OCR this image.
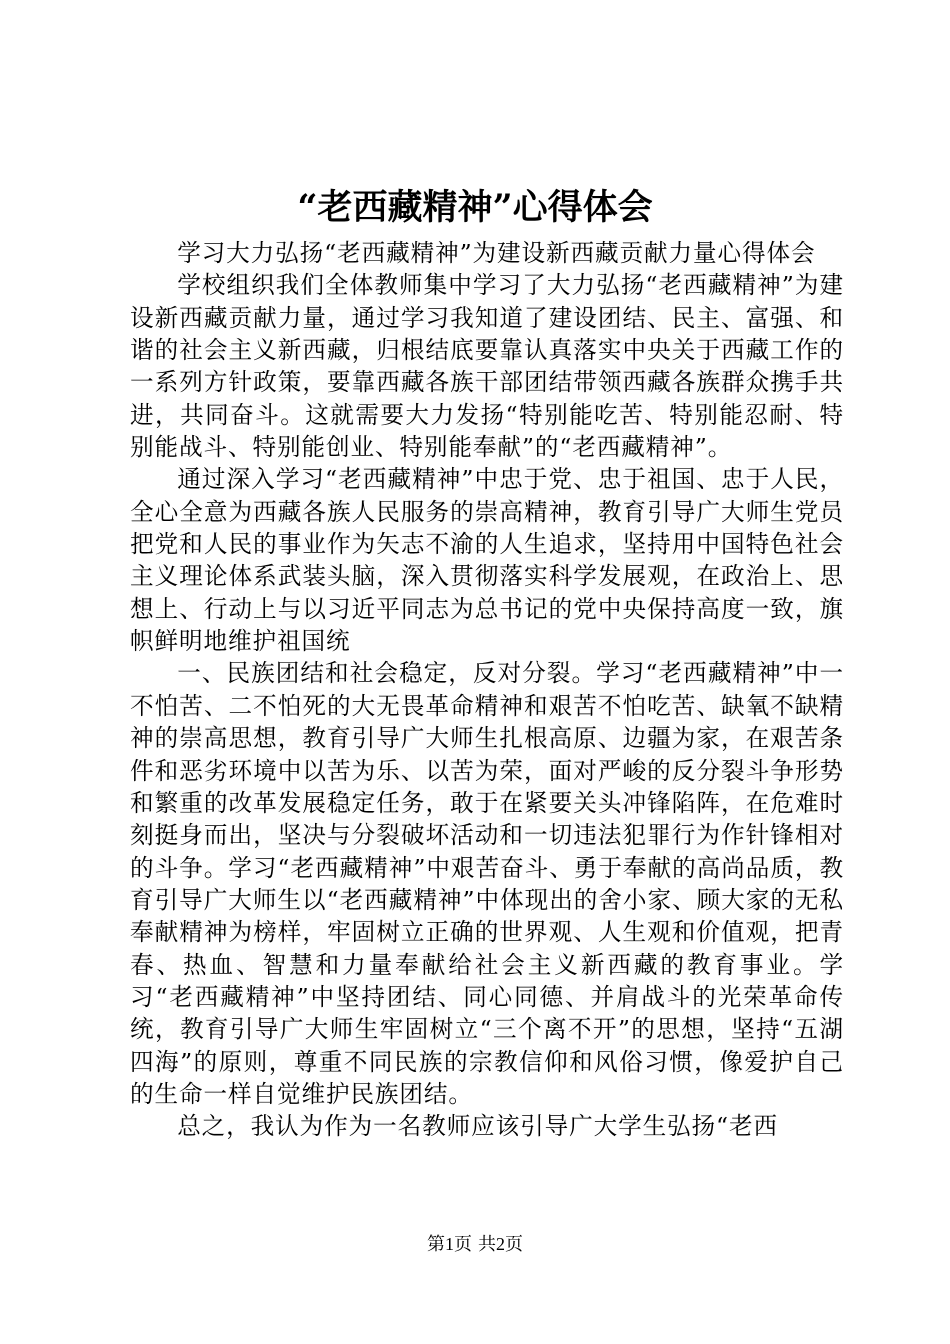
“老西藏精神”心得体会

学习大力弘扬“老西藏精神”为建设新西藏贡献力量心得体会

学校组织我们全体教师集中学习了大力弘扬“老西藏精神”为建设新西藏贡献力量，通过学习我知道了建设团结、民主、富强、和谐的社会主义新西藏，归根结底要靠认真落实中央关于西藏工作的一系列方针政策，要靠西藏各族干部团结带领西藏各族群众携手共进，共同奋斗。这就需要大力发扬“特别能吃苦、特别能忍耐、特别能战斗、特别能创业、特别能奉献”的“老西藏精神”。

通过深入学习“老西藏精神”中忠于党、忠于祖国、忠于人民，全心全意为西藏各族人民服务的崇高精神，教育引导广大师生党员把党和人民的事业作为矢志不渝的人生追求，坚持用中国特色社会主义理论体系武装头脑，深入贯彻落实科学发展观，在政治上、思想上、行动上与以习近平同志为总书记的党中央保持高度一致，旗帜鲜明地维护祖国统

一、民族团结和社会稳定，反对分裂。学习“老西藏精神”中一不怕苦、二不怕死的大无畏革命精神和艰苦不怕吃苦、缺氧不缺精神的崇高思想，教育引导广大师生扎根高原、边疆为家，在艰苦条件和恶劣环境中以苦为乐、以苦为荣，面对严峻的反分裂斗争形势和繁重的改革发展稳定任务，敢于在紧要关头冲锋陷阵，在危难时刻挺身而出，坚决与分裂破坏活动和一切违法犯罪行为作针锋相对的斗争。学习“老西藏精神”中艰苦奋斗、勇于奉献的高尚品质，教育引导广大师生以“老西藏精神”中体现出的舍小家、顾大家的无私奉献精神为榜样，牢固树立正确的世界观、人生观和价值观，把青春、热血、智慧和力量奉献给社会主义新西藏的教育事业。学习“老西藏精神”中坚持团结、同心同德、并肩战斗的光荣革命传统，教育引导广大师生牢固树立“三个离不开”的思想，坚持“五湖四海”的原则，尊重不同民族的宗教信仰和风俗习惯，像爱护自己的生命一样自觉维护民族团结。

总之，我认为作为一名教师应该引导广大学生弘扬“老西

第1页 共2页
